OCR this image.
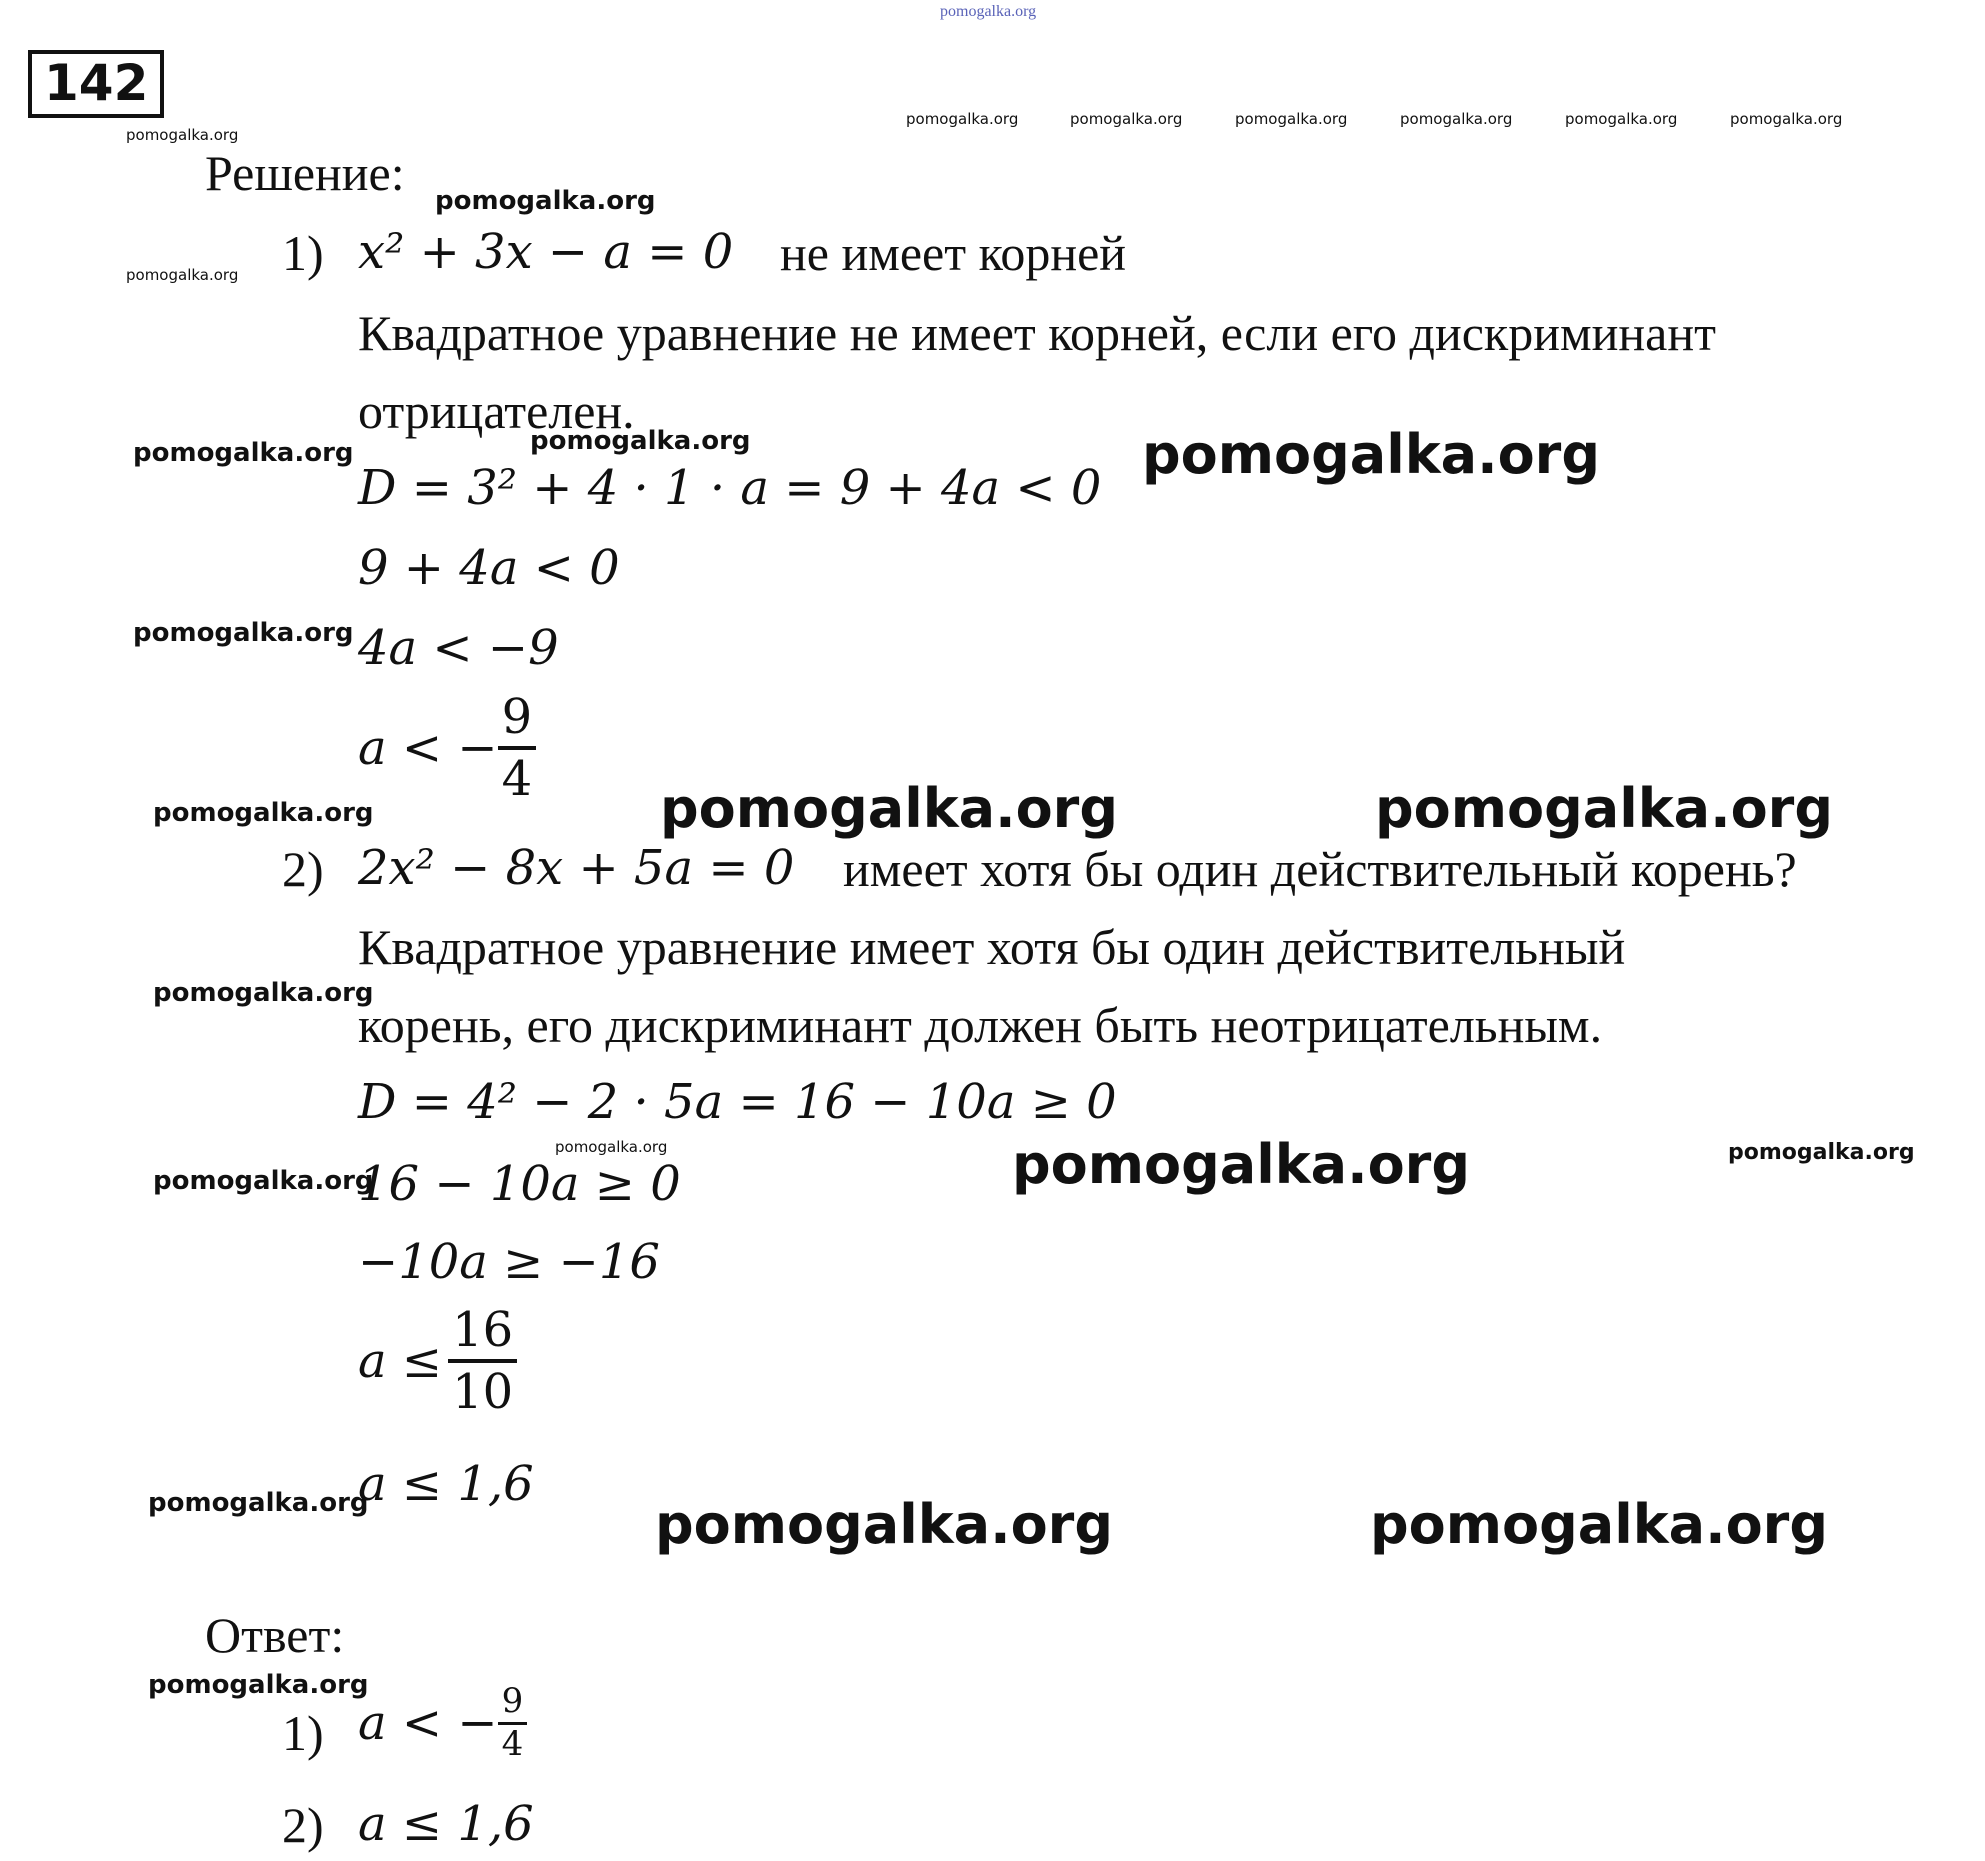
pomogalka.org
142
pomogalka.org
pomogalka.org	pomogalka.org	pomogalka.org	pomogalka.org	pomogalka.org	pomogalka.org
Решение: pomogalka.org
pomogalka.org 1) x² + 3x − a = 0 не имеет корней
Квадратное уравнение не имеет корней, если его дискриминант
отрицателен.
pomogalka.org	pomogalka.org	pomogalka.org
D = 3² + 4 · 1 · a = 9 + 4a < 0
9 + 4a < 0
pomogalka.org 4a < −9
a < − $\frac{9}{4}$
pomogalka.org	pomogalka.org	pomogalka.org
2) 2x² − 8x + 5a = 0 имеет хотя бы один действительный корень?
Квадратное уравнение имеет хотя бы один действительный
pomogalka.org
корень, его дискриминант должен быть неотрицательным.
D = 4² − 2 · 5a = 16 − 10a ≥ 0
pomogalka.org	pomogalka.org	pomogalka.org
pomogalka.org
16 − 10a ≥ 0
−10a ≥ −16
$a \le \frac{16}{10}$
pomogalka.org
a ≤ 1,6
pomogalka.org	pomogalka.org
Ответ:
pomogalka.org
1) a < − $\frac{9}{4}$
2) a ≤ 1,6
